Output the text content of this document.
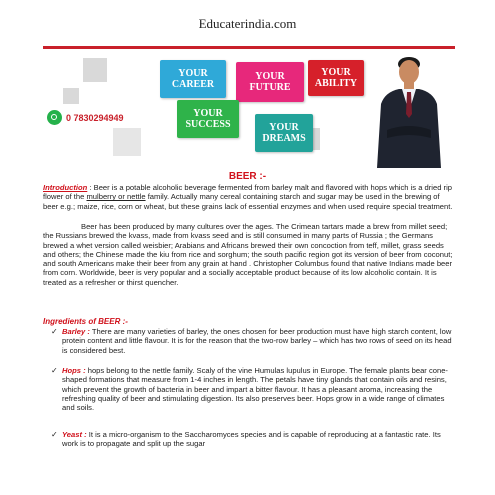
Educaterindia.com
YOUR
CAREER
YOUR
FUTURE
YOUR
ABILITY
YOUR
SUCCESS	YOUR
DREAMS
0 7830294949
BEER :-
Introduction : Beer is a potable alcoholic beverage fermented from barley malt and flavored with hops which is a dried rip flower of the mulberry or nettle family. Actually many cereal containing starch and sugar may be used in the brewing of beer e.g.; maize, rice, corn or wheat, but these grains lack of essential enzymes and when used require special treatment.
Beer has been produced by many cultures over the ages. The Crimean tartars made a brew from millet seed; the Russians brewed the kvass, made from kvass seed and is still consumed in many parts of Russia ; the Germans brewed a whet version called weisbier; Arabians and Africans brewed their own concoction from teff, millet, grass seeds and others; the Chinese made the kiu from rice and sorghum; the south pacific region got its version of beer from coconut; and south Americans make their beer from any grain at hand . Christopher Columbus found that native Indians made beer from corn. Worldwide, beer is very popular and a socially acceptable product because of its low alcoholic contain. It is treated as a refresher or thirst quencher.
Ingredients of BEER :-
✓ Barley : There are many varieties of barley, the ones chosen for beer production must have high starch content, low protein content and little flavour. It is for the reason that the two-row barley – which has two rows of seed on its head is considered best.
✓ Hops : hops belong to the nettle family. Scaly of the vine Humulas lupulus in Europe. The female plants bear cone-shaped formations that measure from 1-4 inches in length. The petals have tiny glands that contain oils and resins, which prevent the growth of bacteria in beer and impart a bitter flavour. It has a pleasant aroma, increasing the refreshing quality of beer and stimulating digestion. Its also preserves beer. Hops grow in a wide range of climates and soils.
✓ Yeast : It is a micro-organism to the Saccharomyces species and is capable of reproducing at a fantastic rate. Its work is to propagate and split up the sugar
